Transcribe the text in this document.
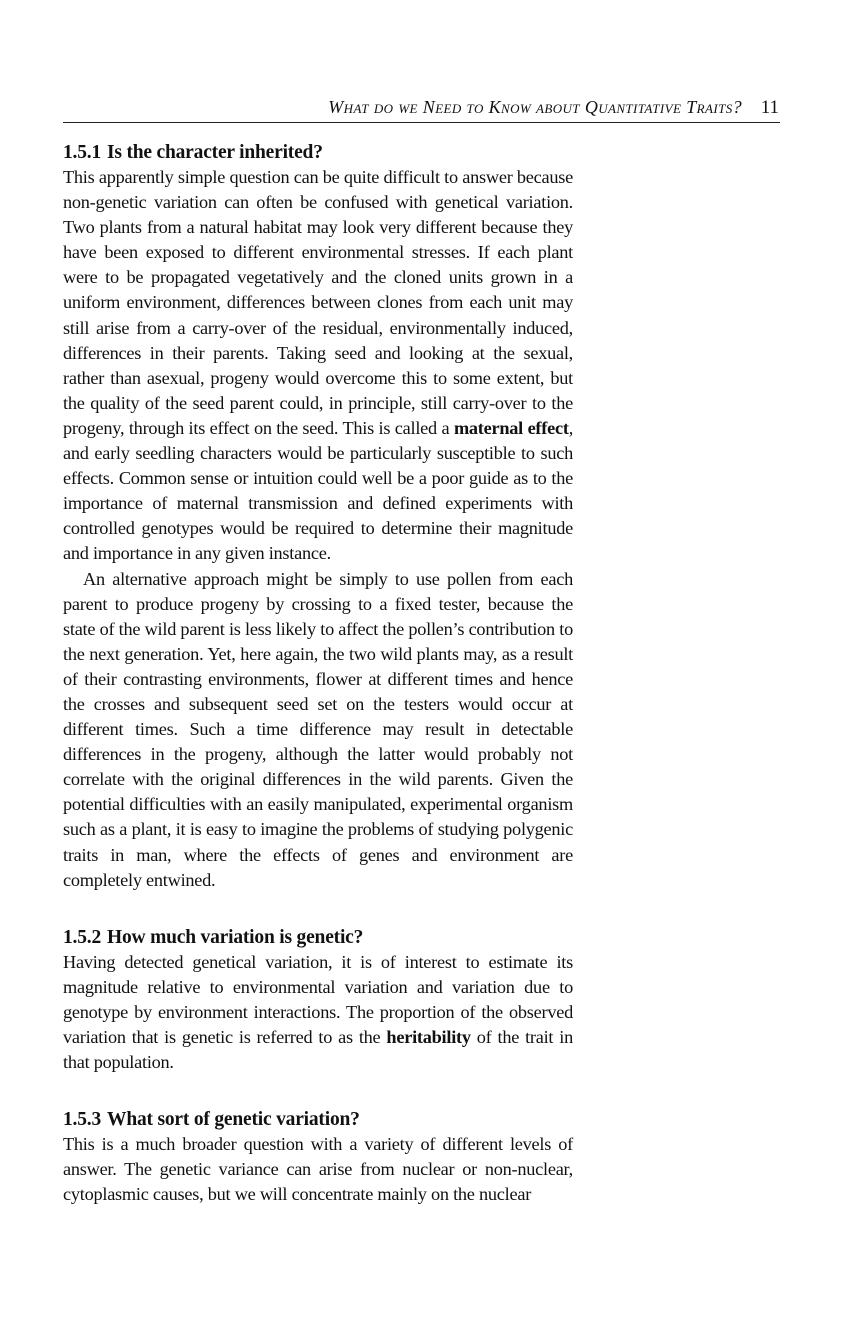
What do we Need to Know about Quantitative Traits? 11
1.5.1 Is the character inherited?

This apparently simple question can be quite difficult to answer because non-genetic variation can often be confused with genetical variation. Two plants from a natural habitat may look very different because they have been exposed to different environmental stresses. If each plant were to be propagated vegetatively and the cloned units grown in a uniform environment, differences between clones from each unit may still arise from a carry-over of the residual, environmentally induced, differences in their parents. Taking seed and looking at the sexual, rather than asexual, progeny would overcome this to some extent, but the quality of the seed parent could, in principle, still carry-over to the progeny, through its effect on the seed. This is called a maternal effect, and early seedling characters would be particularly susceptible to such effects. Common sense or intuition could well be a poor guide as to the importance of maternal transmission and defined experiments with controlled genotypes would be required to determine their magnitude and importance in any given instance.

An alternative approach might be simply to use pollen from each parent to produce progeny by crossing to a fixed tester, because the state of the wild parent is less likely to affect the pollen’s contribution to the next generation. Yet, here again, the two wild plants may, as a result of their contrasting environments, flower at different times and hence the crosses and subsequent seed set on the testers would occur at different times. Such a time difference may result in detectable differences in the progeny, although the latter would probably not correlate with the original differences in the wild parents. Given the potential difficulties with an easily manipulated, experimental organism such as a plant, it is easy to imagine the problems of studying polygenic traits in man, where the effects of genes and environment are completely entwined.

1.5.2 How much variation is genetic?

Having detected genetical variation, it is of interest to estimate its magnitude relative to environmental variation and variation due to genotype by environment interactions. The proportion of the observed variation that is genetic is referred to as the heritability of the trait in that population.

1.5.3 What sort of genetic variation?

This is a much broader question with a variety of different levels of answer. The genetic variance can arise from nuclear or non-nuclear, cytoplasmic causes, but we will concentrate mainly on the nuclear
